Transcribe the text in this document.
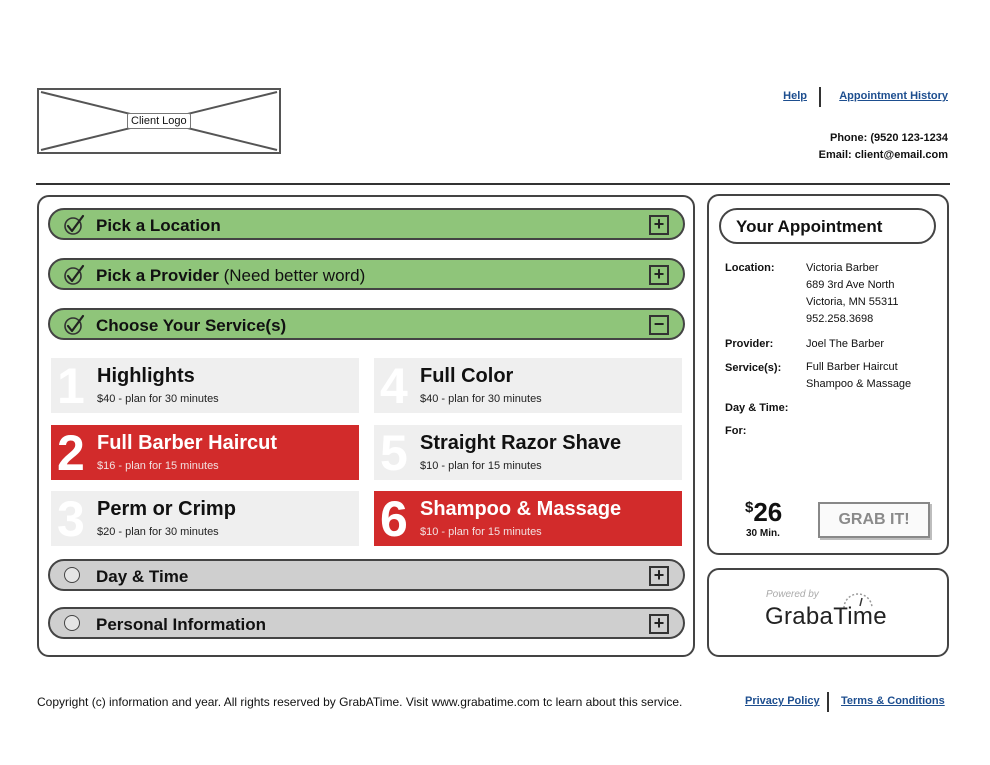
Client Logo
Help	Appointment History
Phone: (9520 123-1234
Email: client@email.com
Pick a Location	+
Pick a Provider (Need better word)	+
Choose Your Service(s)	−
1 Highlights
$40 - plan for 30 minutes
2 Full Barber Haircut
$16 - plan for 15 minutes
3 Perm or Crimp
$20 - plan for 30 minutes
4 Full Color
$40 - plan for 30 minutes
5 Straight Razor Shave
$10 - plan for 15 minutes
6 Shampoo & Massage
$10 - plan for 15 minutes
Day & Time	+
Personal Information	+
Your Appointment
Location:	Victoria Barber
689 3rd Ave North
Victoria, MN 55311
952.258.3698
Provider:	Joel The Barber
Service(s): Full Barber Haircut
Shampoo & Massage
Day & Time:
For:
$26
30 Min.
GRAB IT!
Powered by
GrabaTime
Copyright (c) information and year. All rights reserved by GrabATime. Visit www.grabatime.com tc learn about this service.	Privacy Policy Terms & Conditions
